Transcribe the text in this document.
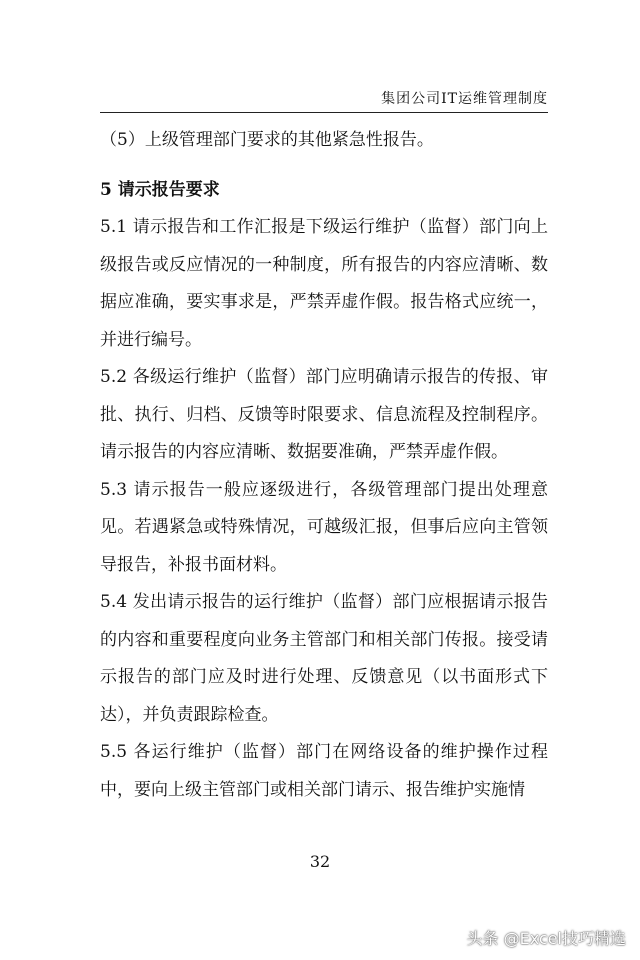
集团公司IT运维管理制度

（5）上级管理部门要求的其他紧急性报告。

5 请示报告要求

5.1 请示报告和工作汇报是下级运行维护（监督）部门向上级报告或反应情况的一种制度，所有报告的内容应清晰、数据应准确，要实事求是，严禁弄虚作假。报告格式应统一，并进行编号。

5.2 各级运行维护（监督）部门应明确请示报告的传报、审批、执行、归档、反馈等时限要求、信息流程及控制程序。请示报告的内容应清晰、数据要准确，严禁弄虚作假。

5.3 请示报告一般应逐级进行，各级管理部门提出处理意见。若遇紧急或特殊情况，可越级汇报，但事后应向主管领导报告，补报书面材料。

5.4 发出请示报告的运行维护（监督）部门应根据请示报告的内容和重要程度向业务主管部门和相关部门传报。接受请示报告的部门应及时进行处理、反馈意见（以书面形式下达），并负责跟踪检查。

5.5 各运行维护（监督）部门在网络设备的维护操作过程中，要向上级主管部门或相关部门请示、报告维护实施情

32
头条 @Excel技巧精选
